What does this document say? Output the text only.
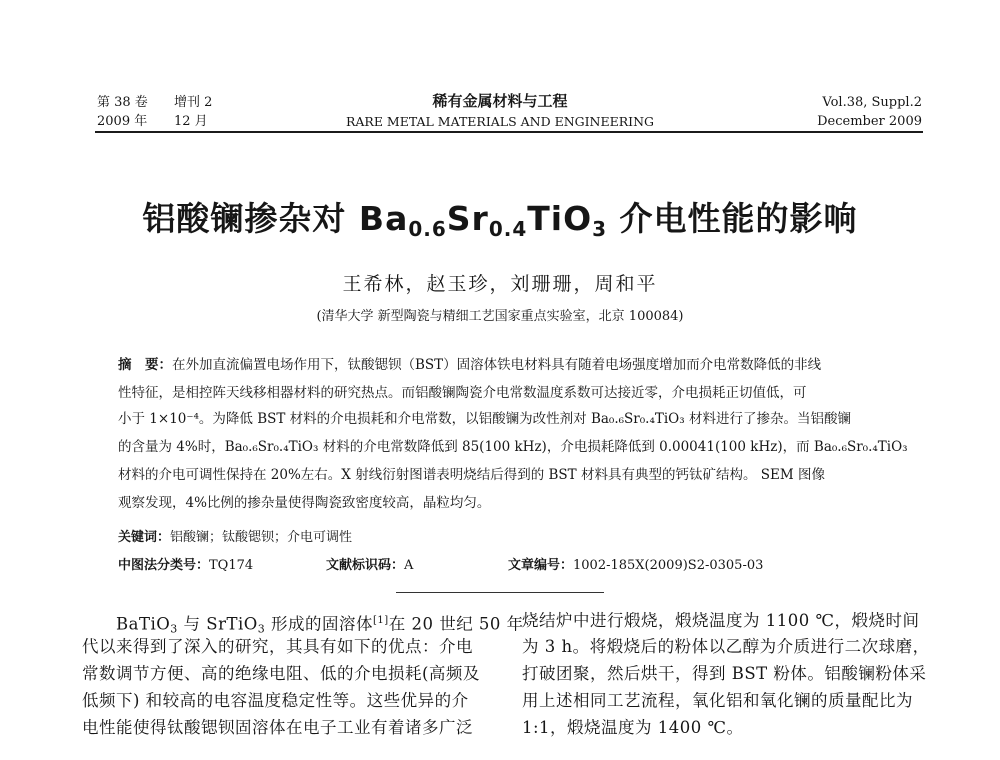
第 38 卷 增刊 2
2009 年 12 月
稀有金属材料与工程
RARE METAL MATERIALS AND ENGINEERING
Vol.38, Suppl.2
December 2009
铝酸镧掺杂对 $Ba_{0.6}Sr_{0.4}TiO_3$ 介电性能的影响
王希林，赵玉珍，刘珊珊，周和平
(清华大学 新型陶瓷与精细工艺国家重点实验室，北京 100084)
摘　要：在外加直流偏置电场作用下，钛酸锶钡（BST）固溶体铁电材料具有随着电场强度增加而介电常数降低的非线
性特征，是相控阵天线移相器材料的研究热点。而铝酸镧陶瓷介电常数温度系数可达接近零，介电损耗正切值低，可
小于 1×10⁻⁴。为降低 BST 材料的介电损耗和介电常数，以铝酸镧为改性剂对 Ba₀.₆Sr₀.₄TiO₃ 材料进行了掺杂。当铝酸镧
的含量为 4%时，Ba₀.₆Sr₀.₄TiO₃ 材料的介电常数降低到 85(100 kHz)，介电损耗降低到 0.00041(100 kHz)，而 Ba₀.₆Sr₀.₄TiO₃
材料的介电可调性保持在 20%左右。X 射线衍射图谱表明烧结后得到的 BST 材料具有典型的钙钛矿结构。 SEM 图像
观察发现，4%比例的掺杂量使得陶瓷致密度较高，晶粒均匀。
关键词：铝酸镧；钛酸锶钡；介电可调性
中图法分类号：TQ174	文献标识码：A	文章编号：1002-185X(2009)S2-0305-03
BaTiO$_3$ 与 SrTiO$_3$ 形成的固溶体[1]在 20 世纪 50 年
代以来得到了深入的研究，其具有如下的优点：介电
常数调节方便、高的绝缘电阻、低的介电损耗(高频及
低频下) 和较高的电容温度稳定性等。这些优异的介
电性能使得钛酸锶钡固溶体在电子工业有着诸多广泛
烧结炉中进行煅烧，煅烧温度为 1100 ℃，煅烧时间
为 3 h。将煅烧后的粉体以乙醇为介质进行二次球磨，
打破团聚，然后烘干，得到 BST 粉体。铝酸镧粉体采
用上述相同工艺流程，氧化铝和氧化镧的质量配比为
1:1，煅烧温度为 1400 ℃。
